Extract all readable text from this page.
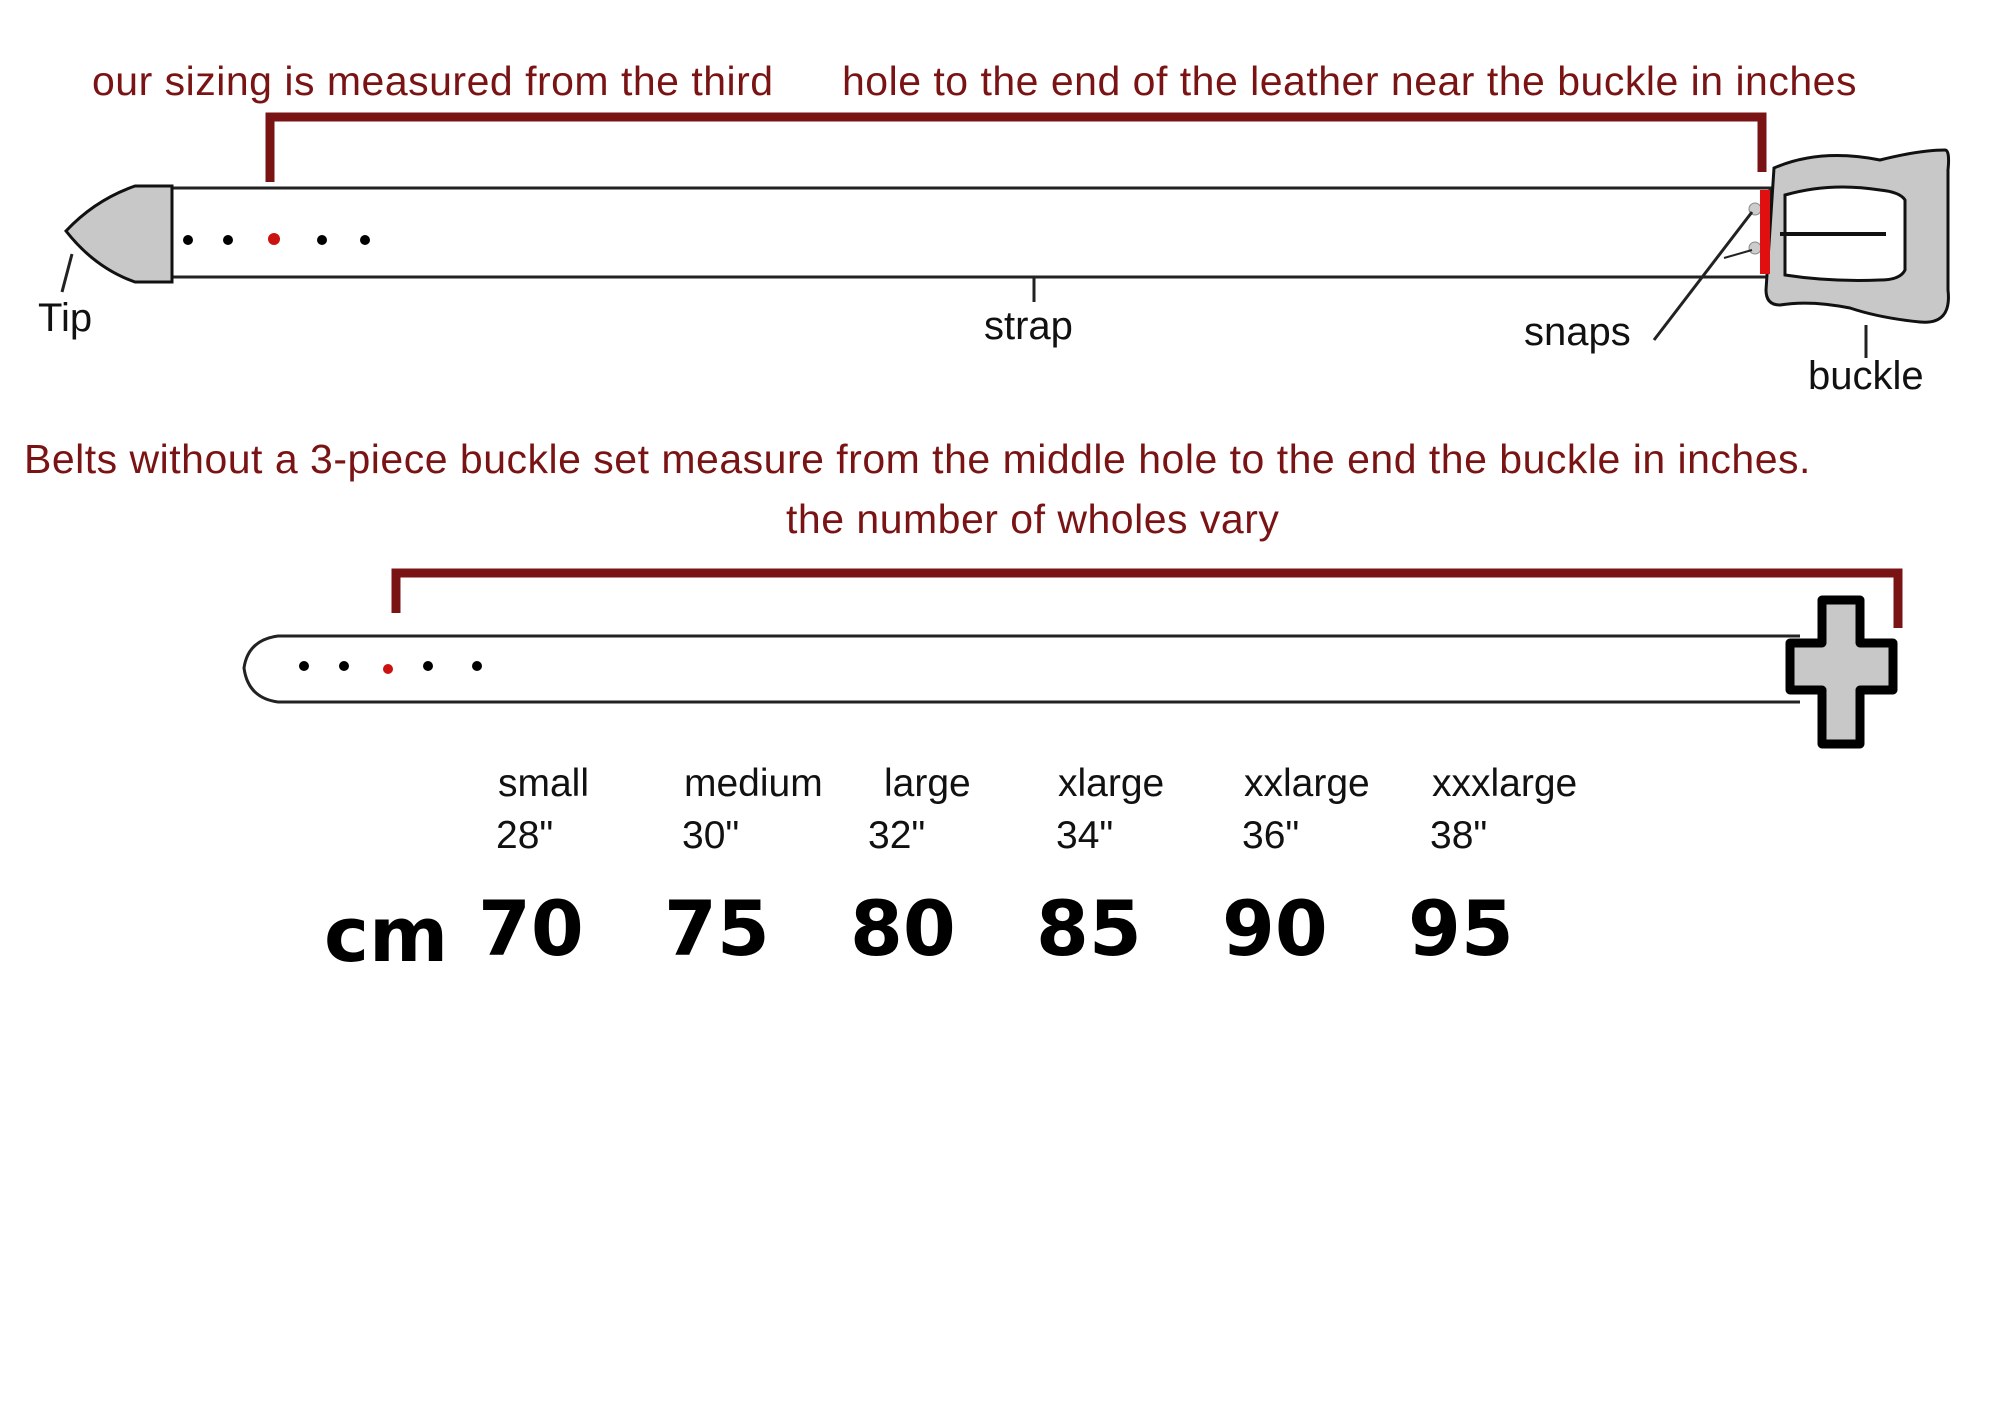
our sizing is measured from the third hole to the end of the leather near the buckle in inches
Belts without a 3-piece buckle set measure from the middle hole to the end the buckle in inches.
the number of wholes vary
Tip	strap	snaps
buckle
small medium large xlarge xxlarge xxxlarge
28"	30"	32"	34"	36"	38"
cm 70 75 80 85 90 95
